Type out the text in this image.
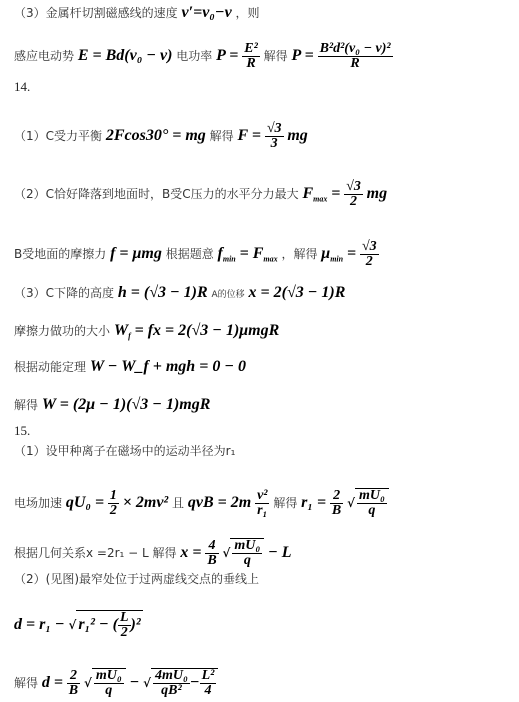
（3）金属杆切割磁感线的速度 v′=v₀−v ，则
感应电动势 E = Bd(v₀ − v) 电功率 $P = \frac{\text{E²}}{R}$ 解得 $P = \frac{\text{B²d²(v₀ − v)²}}{R}$
14.
（1）C受力平衡 2Fcos30° = mg 解得 $F = \frac{√3}{3}$ mg
（2）C恰好降落到地面时，B受C压力的水平分力最大 $F_{max} = \frac{√3}{2}$ mg
B受地面的摩擦力 f = μmg 根据题意 $f_{min} = F_{max}$ ，解得 $\mu_{min} = \frac{√3}{2}$
（3）C下降的高度 h = (√3 − 1)R A的位移 x = 2(√3 − 1)R
摩擦力做功的大小 $W_f$ = fx = 2(√3 − 1)μmgR
根据动能定理 W − W_f + mgh = 0 − 0
解得 W = (2μ − 1)(√3 − 1)mgR
15.
（1）设甲种离子在磁场中的运动半径为r₁
电场加速 $qU_0 = \frac{1}{2} \times 2mv^2$ 且 qvB = $2m \frac{\text{v²}}{\text{r₁}}$ 解得 $r_1 = \frac{2}{B}$ √ $\frac{\text{mU₀}}{q}$
根据几何关系x =2r₁ − L 解得 $x = \frac{4}{B}$ √ $\frac{\text{mU₀}}{q} - L$
（2）(见图)最窄处位于过两虚线交点的垂线上
d = r₁ − √ r₁² − ( $\frac{L}{2} )^2$
解得 $d = \frac{2}{B}$ √ $\frac{\text{mU₀}}{q}$ − √ $\frac{\text{4mU₀}}{\text{qB²}} - \frac{\text{L²}}{4}$
